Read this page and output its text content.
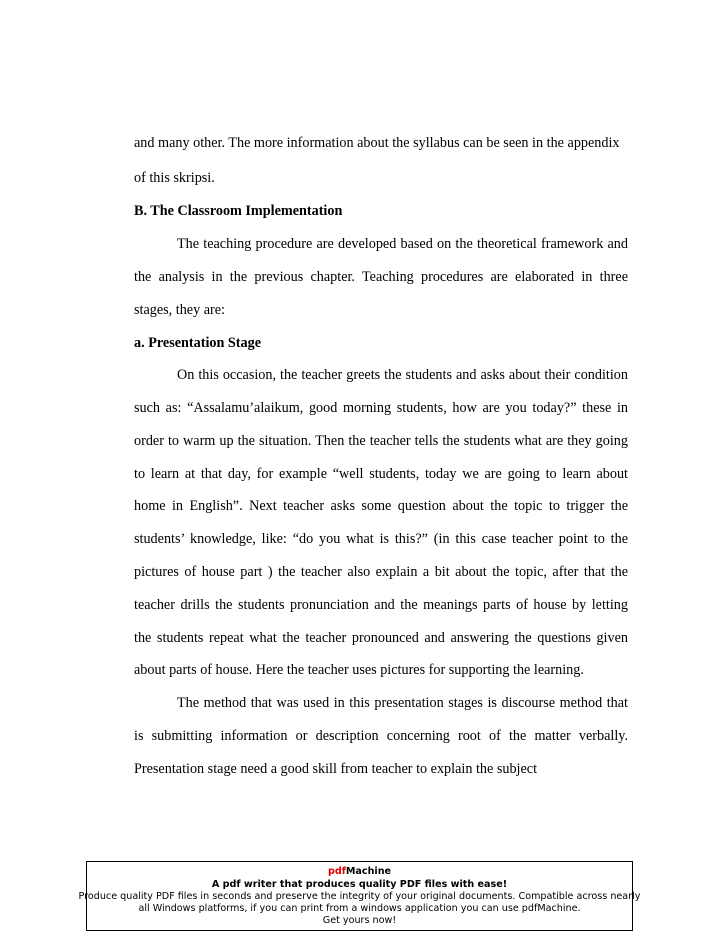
and many other. The more information about the syllabus can be seen in the appendix
of this skripsi.
B. The Classroom Implementation
The teaching procedure are developed based on the theoretical framework and
the analysis in the previous chapter. Teaching procedures are elaborated in three
stages, they are:
a. Presentation Stage
On this occasion, the teacher greets the students and asks about their condition
such as: “Assalamu’alaikum, good morning students, how are you today?” these in
order to warm up the situation. Then the teacher tells the students what are they going
to learn at that day, for example “well students, today we are going to learn about
home in English”. Next teacher asks some question about the topic to trigger the
students’ knowledge, like: “do you what is this?” (in this case teacher point to the
pictures of house part ) the teacher also explain a bit about the topic, after that the
teacher drills the students pronunciation and the meanings parts of house by letting
the students repeat what the teacher pronounced and answering the questions given
about parts of house. Here the teacher uses pictures for supporting the learning.
The method that was used in this presentation stages is discourse method that
is submitting information or description concerning root of the matter verbally.
Presentation stage need a good skill from teacher to explain the subject
pdfMachine
A pdf writer that produces quality PDF files with ease!
Produce quality PDF files in seconds and preserve the integrity of your original documents. Compatible across nearly all Windows platforms, if you can print from a windows application you can use pdfMachine.
Get yours now!
